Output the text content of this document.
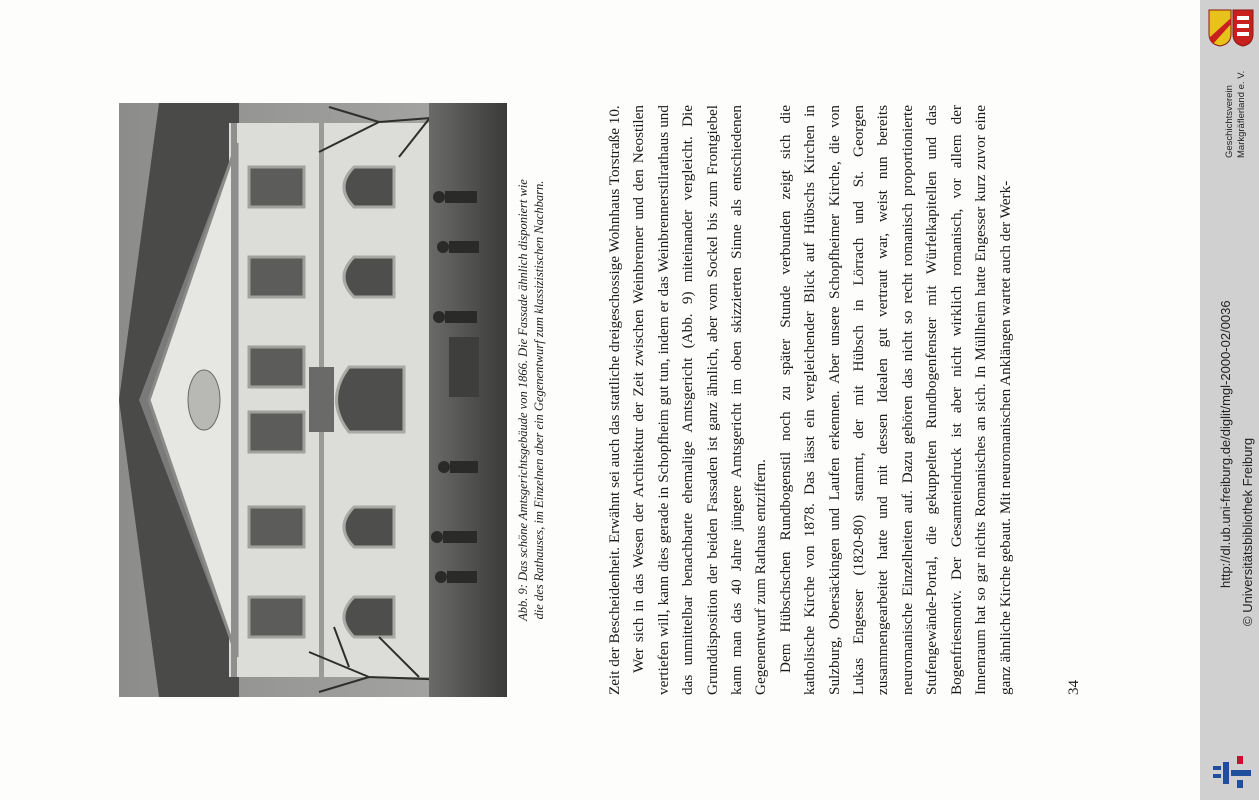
Abb. 9: Das schöne Amtsgerichtsgebäude von 1866. Die Fassade ähnlich disponiert wie die des Rathauses, im Einzelnen aber ein Gegenentwurf zum klassizistischen Nachbarn.	Zeit der Bescheidenheit. Erwähnt sei auch das stattliche dreigeschossige Wohnhaus Torstraße 10. Wer sich in das Wesen der Architektur der Zeit zwischen Weinbrenner und den Neostilen vertiefen will, kann dies gerade in Schopfheim gut tun, indem er das Weinbrennerstilrathaus und das unmittelbar benachbarte ehemalige Amtsgericht (Abb. 9) miteinander vergleicht. Die Grunddisposition der beiden Fassaden ist ganz ähnlich, aber vom Sockel bis zum Frontgiebel kann man das 40 Jahre jüngere Amtsgericht im oben skizzierten Sinne als entschiedenen Gegenentwurf zum Rathaus entziffern. Dem Hübschschen Rundbogenstil noch zu später Stunde verbunden zeigt sich die katholische Kirche von 1878. Das lässt ein vergleichender Blick auf Hübschs Kirchen in Sulzburg, Obersäckingen und Laufen erkennen. Aber unsere Schopfheimer Kirche, die von Lukas Engesser (1820-80) stammt, der mit Hübsch in Lörrach und St. Georgen zusammengearbeitet hatte und mit dessen Idealen gut vertraut war, weist nun bereits neuromanische Einzelheiten auf. Dazu gehören das nicht so recht romanisch proportionierte Stufengewände-Portal, die gekuppelten Rundbogenfenster mit Würfelkapitellen und das Bogenfriesmotiv. Der Gesamteindruck ist aber nicht wirklich romanisch, vor allem der Innenraum hat so gar nichts Romanisches an sich. In Müllheim hatte Engesser kurz zuvor eine ganz ähnliche Kirche gebaut. Mit neuromanischen Anklängen wartet auch der Werk-	34
Geschichtsverein Markgräflerland e. V.
http://dl.ub.uni-freiburg.de/diglit/mgl-2000-02/0036 © Universitätsbibliothek Freiburg
